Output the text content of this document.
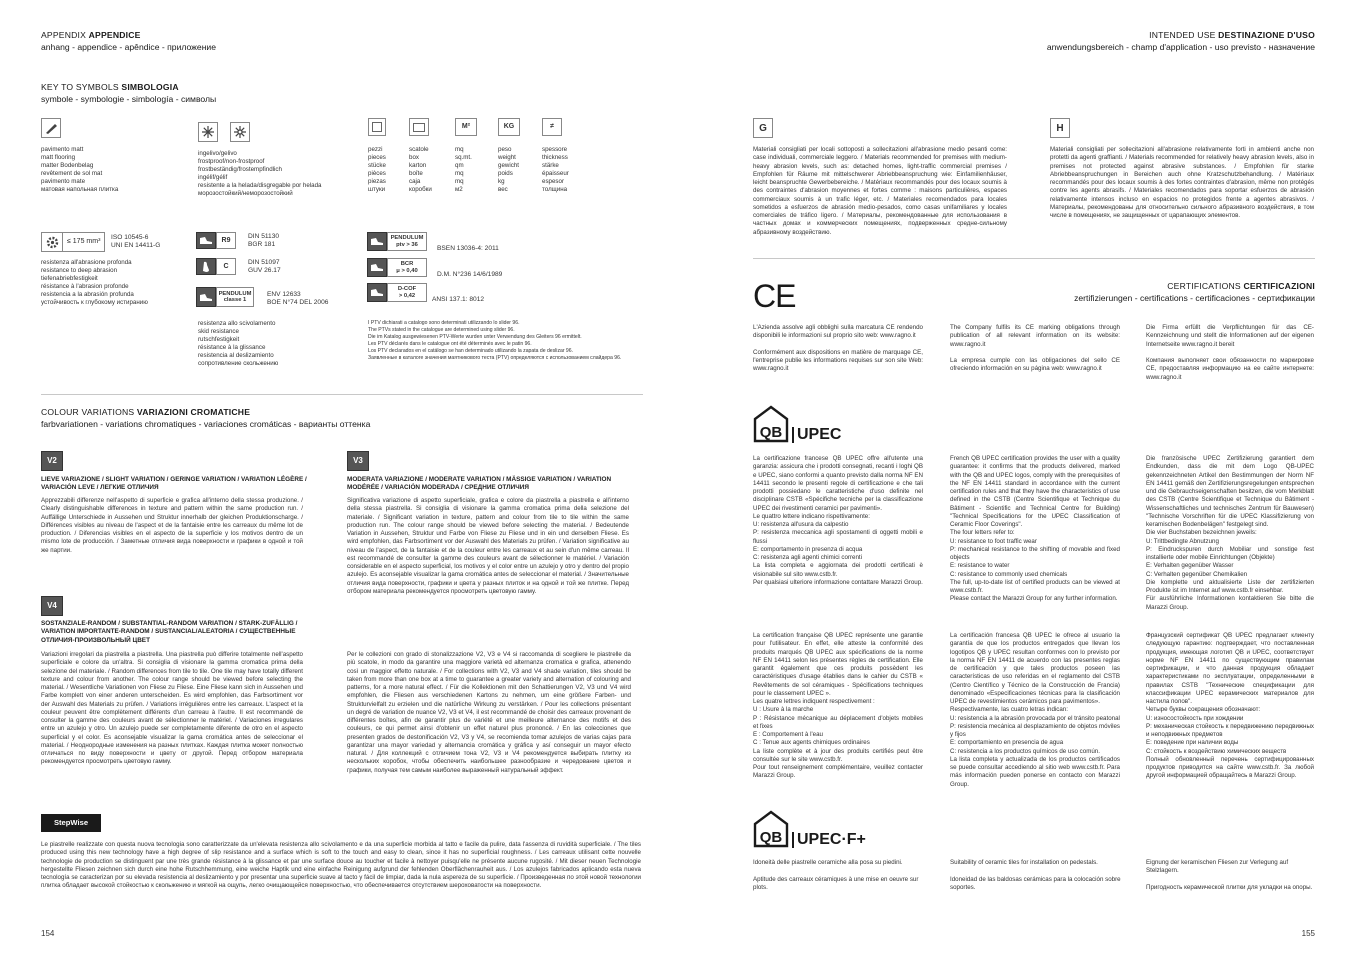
APPENDIX APPENDICE
anhang - appendice - apêndice - приложение
KEY TO SYMBOLS SIMBOLOGIA
symbole - symbologie - simbología - символы
pavimento matt
matt flooring
matter Bodenbelag
revêtement de sol mat
pavimento mate
матовая напольная плитка
ingelivo/gelivo
frostproof/non-frostproof
frostbeständig/frostempfindlich
ingélif/gélif
resistente a la helada/disgregable por helada
морозостойкий/неморозостойкий
M²	KG	≠
pezzi
pieces
stücke
pièces
piezas
штуки
scatole
box
karton
boîte
caja
коробки
mq
sq.mt.
qm
mq
mq
м2
peso
weight
gewicht
poids
kg
вес
spessore
thickness
stärke
épaisseur
espesor
толщина
≤ 175 mm³
ISO 10545-6
UNI EN 14411-G
resistenza all'abrasione profonda
resistance to deep abrasion
tiefenabriebfestigkeit
résistance à l'abrasion profonde
resistencia a la abrasión profunda
устойчивость к глубокому истиранию
R9
DIN 51130
BGR 181
C
DIN 51097
GUV 26.17
PENDULUM
classe 1
ENV 12633
BOE N°74 DEL 2006
resistenza allo scivolamento
skid resistance
rutschfestigkeit
résistance à la glissance
resistencia al deslizamiento
сопротивление скольжению
PENDULUM
ptv > 36
BSEN 13036-4: 2011
BCR
μ > 0,40
D.M. N°236 14/6/1989
D-COF
> 0,42
ANSI 137.1: 8012
I PTV dichiarati a catalogo sono determinati utilizzando lo slider 96.
The PTVs stated in the catalogue are determined using slider 96.
Die im Katalog ausgewiesenen PTV-Werte wurden unter Verwendung des Gleiters 96 ermittelt.
Les PTV déclarés dans le catalogue ont été déterminés avec le patin 96.
Los PTV declarados en el catálogo se han determinado utilizando la zapata de deslizar 96.
Заявленные в каталоге значения маятникового теста (PTV) определяются с использованием слайдера 96.
COLOUR VARIATIONS VARIAZIONI CROMATICHE
farbvariationen - variations chromatiques - variaciones cromáticas - варианты оттенка
V2
LIEVE VARIAZIONE / SLIGHT VARIATION / GERINGE VARIATION / VARIATION LÉGÈRE / VARIACIÓN LEVE / ЛЕГКИЕ ОТЛИЧИЯ
Apprezzabili differenze nell'aspetto di superficie e grafica all'interno della stessa produzione. / Clearly distinguishable differences in texture and pattern within the same production run. / Auffällige Unterschiede in Aussehen und Struktur innerhalb der gleichen Produktionscharge. / Différences visibles au niveau de l'aspect et de la fantaisie entre les carreaux du même lot de production. / Diferencias visibles en el aspecto de la superficie y los motivos dentro de un mismo lote de producción. / Заметные отличия вида поверхности и графики в одной и той же партии.
V3
MODERATA VARIAZIONE / MODERATE VARIATION / MÄSSIGE VARIATION / VARIATION MODÉRÉE / VARIACIÓN MODERADA / СРЕДНИЕ ОТЛИЧИЯ
Significativa variazione di aspetto superficiale, grafica e colore da piastrella a piastrella e all'interno della stessa piastrella. Si consiglia di visionare la gamma cromatica prima della selezione del materiale. / Significant variation in texture, pattern and colour from tile to tile within the same production run. The colour range should be viewed before selecting the material. / Bedeutende Variation in Aussehen, Struktur und Farbe von Fliese zu Fliese und in ein und derselben Fliese. Es wird empfohlen, das Farbsortiment vor der Auswahl des Materials zu prüfen. / Variation significative au niveau de l'aspect, de la fantaisie et de la couleur entre les carreaux et au sein d'un même carreau. Il est recommandé de consulter la gamme des couleurs avant de sélectionner le matériel. / Variación considerable en el aspecto superficial, los motivos y el color entre un azulejo y otro y dentro del propio azulejo. Es aconsejable visualizar la gama cromática antes de seleccionar el material. / Значительные отличия вида поверхности, графики и цвета у разных плиток и на одной и той же плитке. Перед отбором материала рекомендуется просмотреть цветовую гамму.
V4
SOSTANZIALE-RANDOM / SUBSTANTIAL-RANDOM VARIATION / STARK-ZUFÄLLIG / VARIATION IMPORTANTE-RANDOM / SUSTANCIAL/ALEATORIA / СУЩЕСТВЕННЫЕ ОТЛИЧИЯ-ПРОИЗВОЛЬНЫЙ ЦВЕТ
Variazioni irregolari da piastrella a piastrella. Una piastrella può differire totalmente nell'aspetto superficiale e colore da un'altra. Si consiglia di visionare la gamma cromatica prima della selezione del materiale. / Random differences from tile to tile. One tile may have totally different texture and colour from another. The colour range should be viewed before selecting the material. / Wesentliche Variationen von Fliese zu Fliese. Eine Fliese kann sich in Aussehen und Farbe komplett von einer anderen unterscheiden. Es wird empfohlen, das Farbsortiment vor der Auswahl des Materials zu prüfen. / Variations irrégulières entre les carreaux. L'aspect et la couleur peuvent être complètement différents d'un carreau à l'autre. Il est recommandé de consulter la gamme des couleurs avant de sélectionner le matériel. / Variaciones irregulares entre un azulejo y otro. Un azulejo puede ser completamente diferente de otro en el aspecto superficial y el color. Es aconsejable visualizar la gama cromática antes de seleccionar el material. / Неоднородные изменения на разных плитках. Каждая плитка может полностью отличаться по виду поверхности и цвету от другой. Перед отбором материала рекомендуется просмотреть цветовую гамму.
Per le collezioni con grado di stonalizzazione V2, V3 e V4 si raccomanda di scegliere le piastrelle da più scatole, in modo da garantire una maggiore varietà ed alternanza cromatica e grafica, attenendo così un maggior effetto naturale. / For collections with V2, V3 and V4 shade variation, tiles should be taken from more than one box at a time to guarantee a greater variety and alternation of colouring and patterns, for a more natural effect. / Für die Kollektionen mit den Schattierungen V2, V3 und V4 wird empfohlen, die Fliesen aus verschiedenen Kartons zu nehmen, um eine größere Farben- und Strukturvielfalt zu erzielen und die natürliche Wirkung zu verstärken. / Pour les collections présentant un degré de variation de nuance V2, V3 et V4, il est recommandé de choisir des carreaux provenant de différentes boîtes, afin de garantir plus de variété et une meilleure alternance des motifs et des couleurs, ce qui permet ainsi d'obtenir un effet naturel plus prononcé. / En las colecciones que presenten grados de destonificación V2, V3 y V4, se recomienda tomar azulejos de varias cajas para garantizar una mayor variedad y alternancia cromática y gráfica y así conseguir un mayor efecto natural. / Для коллекций с отличием тона V2, V3 и V4 рекомендуется выбирать плитку из нескольких коробок, чтобы обеспечить наибольшее разнообразие и чередование цветов и графики, получая тем самым наиболее выраженный натуральный эффект.
StepWise
Le piastrelle realizzate con questa nuova tecnologia sono caratterizzate da un'elevata resistenza allo scivolamento e da una superficie morbida al tatto e facile da pulire, data l'assenza di ruvidità superficiale. / The tiles produced using this new technology have a high degree of slip resistance and a surface which is soft to the touch and easy to clean, since it has no superficial roughness. / Les carreaux utilisant cette nouvelle technologie de production se distinguent par une très grande résistance à la glissance et par une surface douce au toucher et facile à nettoyer puisqu'elle ne présente aucune rugosité. / Mit dieser neuen Technologie hergestellte Fliesen zeichnen sich durch eine hohe Rutschhemmung, eine weiche Haptik und eine einfache Reinigung aufgrund der fehlenden Oberflächenrauheit aus. / Los azulejos fabricados aplicando esta nueva tecnología se caracterizan por su elevada resistencia al deslizamiento y por presentar una superficie suave al tacto y fácil de limpiar, dada la nula aspereza de su superficie. / Произведенная по этой новой технологии плитка обладает высокой стойкостью к скольжению и мягкой на ощупь, легко очищающейся поверхностью, что обеспечивается отсутствием шероховатости на поверхности.
154
INTENDED USE DESTINAZIONE D'USO
anwendungsbereich - champ d'application - uso previsto - назначение
G
Materiali consigliati per locali sottoposti a sollecitazioni all'abrasione medio pesanti come: case individuali, commerciale leggero. / Materials recommended for premises with medium-heavy abrasion levels, such as: detached homes, light-traffic commercial premises / Empfohlen für Räume mit mittelschwerer Abriebbeanspruchung wie: Einfamilienhäuser, leicht beanspruchte Gewerbebereiche. / Matériaux recommandés pour des locaux soumis à des contraintes d'abrasion moyennes et fortes comme : maisons particulières, espaces commerciaux soumis à un trafic léger, etc. / Materiales recomendados para locales sometidos a esfuerzos de abrasión medio-pesados, como casas unifamiliares y locales comerciales de tráfico ligero. / Материалы, рекомендованные для использования в частных домах и коммерческих помещениях, подверженных средне-сильному абразивному воздействию.
H
Materiali consigliati per sollecitazioni all'abrasione relativamente forti in ambienti anche non protetti da agenti graffianti. / Materials recommended for relatively heavy abrasion levels, also in premises not protected against abrasive substances. / Empfohlen für starke Abriebbeanspruchungen in Bereichen auch ohne Kratzschutzbehandlung. / Matériaux recommandés pour des locaux soumis à des fortes contraintes d'abrasion, même non protégés contre les agents abrasifs. / Materiales recomendados para soportar esfuerzos de abrasión relativamente intensos incluso en espacios no protegidos frente a agentes abrasivos. / Материалы, рекомендованы для относительно сильного абразивного воздействия, в том числе в помещениях, не защищенных от царапающих элементов.
CERTIFICATIONS CERTIFICAZIONI
zertifizierungen - certifications - certificaciones - сертификации
CE
L'Azienda assolve agli obblighi sulla marcatura CE rendendo disponibili le informazioni sul proprio sito web: www.ragno.it

Conformément aux dispositions en matière de marquage CE, l'entreprise publie les informations requises sur son site Web: www.ragno.it
The Company fulfils its CE marking obligations through publication of all relevant information on its website: www.ragno.it

La empresa cumple con las obligaciones del sello CE ofreciendo información en su página web: www.ragno.it
Die Firma erfüllt die Verpflichtungen für das CE-Kennzeichnung und stellt die Informationen auf der eigenen Internetseite www.ragno.it bereit

Компания выполняет свои обязанности по маркировке CE, предоставляя информацию на ее сайте интернете: www.ragno.it
QB UPEC
La certificazione francese QB UPEC offre all'utente una garanzia: assicura che i prodotti consegnati, recanti i loghi QB e UPEC, siano conformi a quanto previsto dalla norma NF EN 14411 secondo le presenti regole di certificazione e che tali prodotti possiedano le caratteristiche d'uso definite nel disciplinare CSTB «Spécifiche tecniche per la classificazione UPEC dei rivestimenti ceramici per pavimenti».
Le quattro lettere indicano rispettivamente:
U: resistenza all'usura da calpestio
P: resistenza meccanica agli spostamenti di oggetti mobili e flussi
E: comportamento in presenza di acqua
C: resistenza agli agenti chimici correnti
La lista completa e aggiornata dei prodotti certificati è visionabile sul sito www.cstb.fr.
Per qualsiasi ulteriore informazione contattare Marazzi Group.
French QB UPEC certification provides the user with a quality guarantee: it confirms that the products delivered, marked with the QB and UPEC logos, comply with the prerequisites of the NF EN 14411 standard in accordance with the current certification rules and that they have the characteristics of use defined in the CSTB (Centre Scientifique et Technique du Bâtiment - Scientific and Technical Centre for Building) "Technical Specifications for the UPEC Classification of Ceramic Floor Coverings".
The four letters refer to:
U: resistance to foot traffic wear
P: mechanical resistance to the shifting of movable and fixed objects
E: resistance to water
C: resistance to commonly used chemicals
The full, up-to-date list of certified products can be viewed at www.cstb.fr.
Please contact the Marazzi Group for any further information.
Die französische UPEC Zertifizierung garantiert dem Endkunden, dass die mit dem Logo QB-UPEC gekennzeichneten Artikel den Bestimmungen der Norm NF EN 14411 gemäß den Zertifizierungsregelungen entsprechen und die Gebrauchseigenschaften besitzen, die vom Merkblatt des CSTB (Centre Scientifique et Technique du Bâtiment - Wissenschaftliches und technisches Zentrum für Bauwesen) "Technische Vorschriften für die UPEC Klassifizierung von keramischen Bodenbelägen" festgelegt sind.
Die vier Buchstaben bezeichnen jeweils:
U: Trittbedingte Abnutzung
P: Eindruckspuren durch Mobiliar und sonstige fest installierte oder mobile Einrichtungen (Objekte)
E: Verhalten gegenüber Wasser
C: Verhalten gegenüber Chemikalien
Die komplette und aktualisierte Liste der zertifizierten Produkte ist im Internet auf www.cstb.fr einsehbar.
Für ausführliche Informationen kontaktieren Sie bitte die Marazzi Group.
La certification française QB UPEC représente une garantie pour l'utilisateur. En effet, elle atteste la conformité des produits marqués QB UPEC aux spécifications de la norme NF EN 14411 selon les présentes règles de certification. Elle garantit également que ces produits possèdent les caractéristiques d'usage établies dans le cahier du CSTB « Revêtements de sol céramiques - Spécifications techniques pour le classement UPEC ».
Les quatre lettres indiquent respectivement :
U : Usure à la marche
P : Résistance mécanique au déplacement d'objets mobiles et fixes
E : Comportement à l'eau
C : Tenue aux agents chimiques ordinaires
La liste complète et à jour des produits certifiés peut être consultée sur le site www.cstb.fr.
Pour tout renseignement complémentaire, veuillez contacter Marazzi Group.
La certificación francesa QB UPEC le ofrece al usuario la garantía de que los productos entregados que llevan los logotipos QB y UPEC resultan conformes con lo previsto por la norma NF EN 14411 de acuerdo con las presentes reglas de certificación y que tales productos poseen las características de uso referidas en el reglamento del CSTB (Centro Científico y Técnico de la Construcción de Francia) denominado «Especificaciones técnicas para la clasificación UPEC de revestimientos cerámicos para pavimentos».
Respectivamente, las cuatro letras indican:
U: resistencia a la abrasión provocada por el tránsito peatonal
P: resistencia mecánica al desplazamiento de objetos móviles y fijos
E: comportamiento en presencia de agua
C: resistencia a los productos químicos de uso común.
La lista completa y actualizada de los productos certificados se puede consultar accediendo al sitio web www.cstb.fr. Para más información pueden ponerse en contacto con Marazzi Group.
Французский сертификат QB UPEC предлагает клиенту следующую гарантию: подтверждает, что поставленная продукция, имеющая логотип QB и UPEC, соответствует норме NF EN 14411 по существующим правилам сертификации, и что данная продукция обладает характеристиками по эксплуатации, определенными в правилах CSTB "Технические спецификации для классификации UPEC керамических материалов для настила полов".
Четыре буквы сокращения обозначают:
U: износостойкость при хождении
P: механическая стойкость к передвижению передвижных и неподвижных предметов
E: поведение при наличии воды
C: стойкость к воздействию химических веществ
Полный обновленный перечень сертифицированных продуктов приводится на сайте www.cstb.fr. За любой другой информацией обращайтесь в Marazzi Group.
QB UPEC·F+
Idoneità delle piastrelle ceramiche alla posa su piedini.

Aptitude des carreaux céramiques à une mise en oeuvre sur plots.
Suitability of ceramic tiles for installation on pedestals.

Idoneidad de las baldosas cerámicas para la colocación sobre soportes.
Eignung der keramischen Fliesen zur Verlegung auf Stelzlagern.

Пригодность керамической плитки для укладки на опоры.
155
